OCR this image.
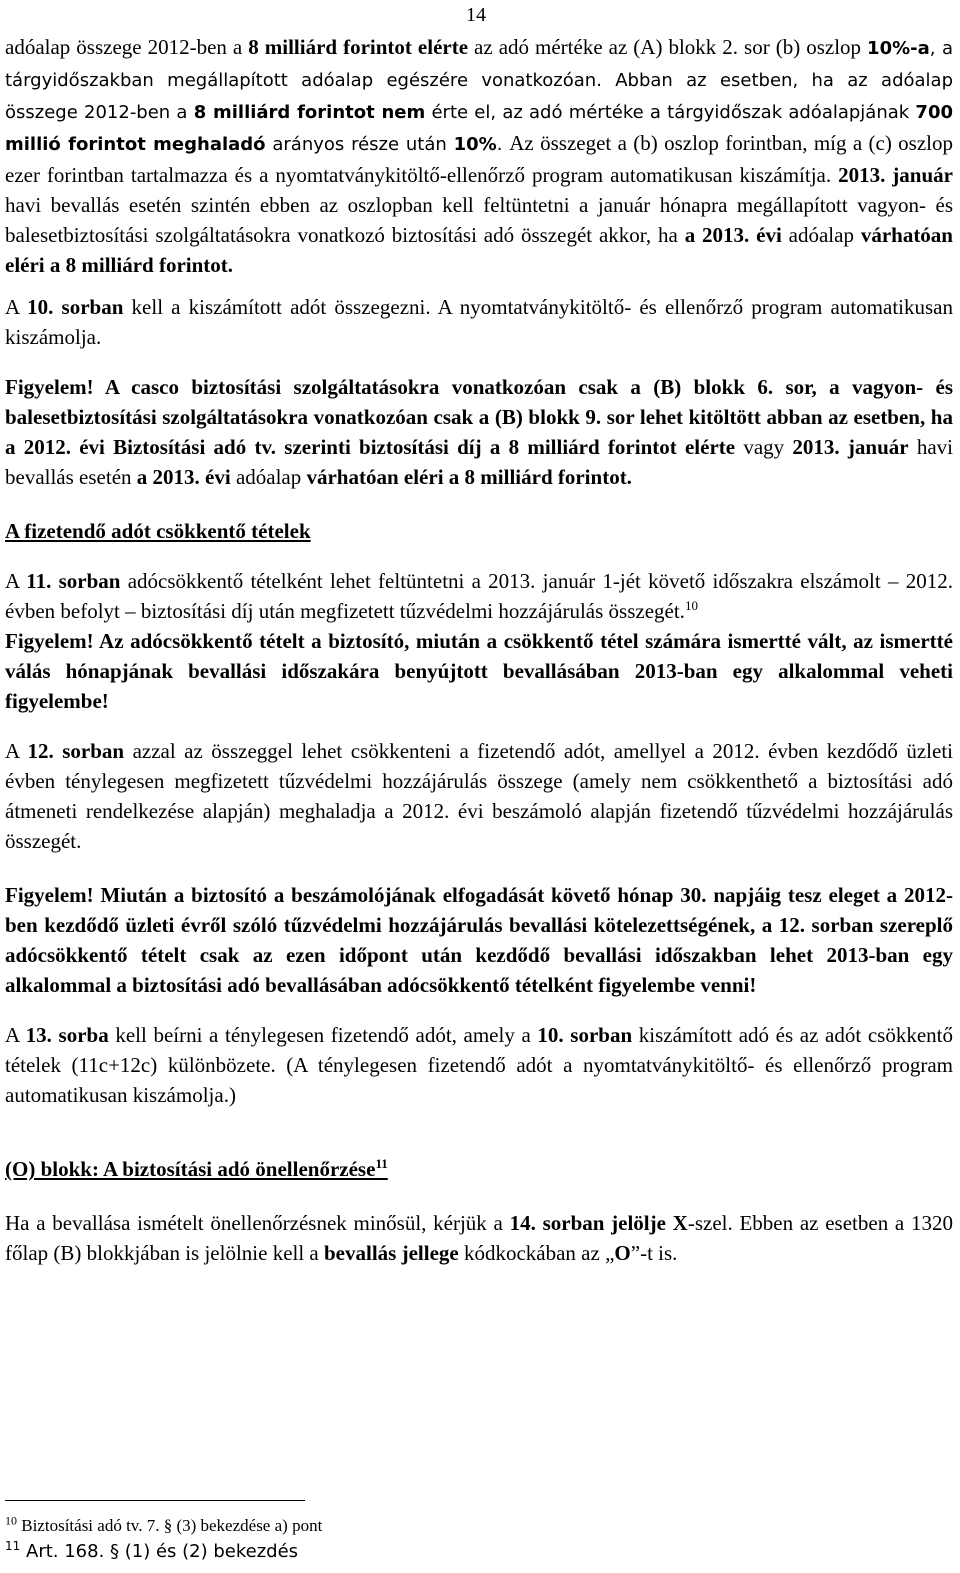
14

adóalap összege 2012-ben a 8 milliárd forintot elérte az adó mértéke az (A) blokk 2. sor (b) oszlop 10%-a, a tárgyidőszakban megállapított adóalap egészére vonatkozóan. Abban az esetben, ha az adóalap összege 2012-ben a 8 milliárd forintot nem érte el, az adó mértéke a tárgyidőszak adóalapjának 700 millió forintot meghaladó arányos része után 10%. Az összeget a (b) oszlop forintban, míg a (c) oszlop ezer forintban tartalmazza és a nyomtatványkitöltő-ellenőrző program automatikusan kiszámítja. 2013. január havi bevallás esetén szintén ebben az oszlopban kell feltüntetni a január hónapra megállapított vagyon- és balesetbiztosítási szolgáltatásokra vonatkozó biztosítási adó összegét akkor, ha a 2013. évi adóalap várhatóan eléri a 8 milliárd forintot.

A 10. sorban kell a kiszámított adót összegezni. A nyomtatványkitöltő- és ellenőrző program automatikusan kiszámolja.

Figyelem! A casco biztosítási szolgáltatásokra vonatkozóan csak a (B) blokk 6. sor, a vagyon- és balesetbiztosítási szolgáltatásokra vonatkozóan csak a (B) blokk 9. sor lehet kitöltött abban az esetben, ha a 2012. évi Biztosítási adó tv. szerinti biztosítási díj a 8 milliárd forintot elérte vagy 2013. január havi bevallás esetén a 2013. évi adóalap várhatóan eléri a 8 milliárd forintot.

A fizetendő adót csökkentő tételek

A 11. sorban adócsökkentő tételként lehet feltüntetni a 2013. január 1-jét követő időszakra elszámolt – 2012. évben befolyt – biztosítási díj után megfizetett tűzvédelmi hozzájárulás összegét.$^{10}$

Figyelem! Az adócsökkentő tételt a biztosító, miután a csökkentő tétel számára ismertté vált, az ismertté válás hónapjának bevallási időszakára benyújtott bevallásában 2013-ban egy alkalommal veheti figyelembe!

A 12. sorban azzal az összeggel lehet csökkenteni a fizetendő adót, amellyel a 2012. évben kezdődő üzleti évben ténylegesen megfizetett tűzvédelmi hozzájárulás összege (amely nem csökkenthető a biztosítási adó átmeneti rendelkezése alapján) meghaladja a 2012. évi beszámoló alapján fizetendő tűzvédelmi hozzájárulás összegét.

Figyelem! Miután a biztosító a beszámolójának elfogadását követő hónap 30. napjáig tesz eleget a 2012-ben kezdődő üzleti évről szóló tűzvédelmi hozzájárulás bevallási kötelezettségének, a 12. sorban szereplő adócsökkentő tételt csak az ezen időpont után kezdődő bevallási időszakban lehet 2013-ban egy alkalommal a biztosítási adó bevallásában adócsökkentő tételként figyelembe venni!

A 13. sorba kell beírni a ténylegesen fizetendő adót, amely a 10. sorban kiszámított adó és az adót csökkentő tételek (11c+12c) különbözete. (A ténylegesen fizetendő adót a nyomtatványkitöltő- és ellenőrző program automatikusan kiszámolja.)

(O) blokk: A biztosítási adó önellenőrzése$^{11}$

Ha a bevallása ismételt önellenőrzésnek minősül, kérjük a 14. sorban jelölje X-szel. Ebben az esetben a 1320 főlap (B) blokkjában is jelölnie kell a bevallás jellege kódkockában az „O”-t is.

$^{10}$ Biztosítási adó tv. 7. § (3) bekezdése a) pont

$^{11}$ Art. 168. § (1) és (2) bekezdés
